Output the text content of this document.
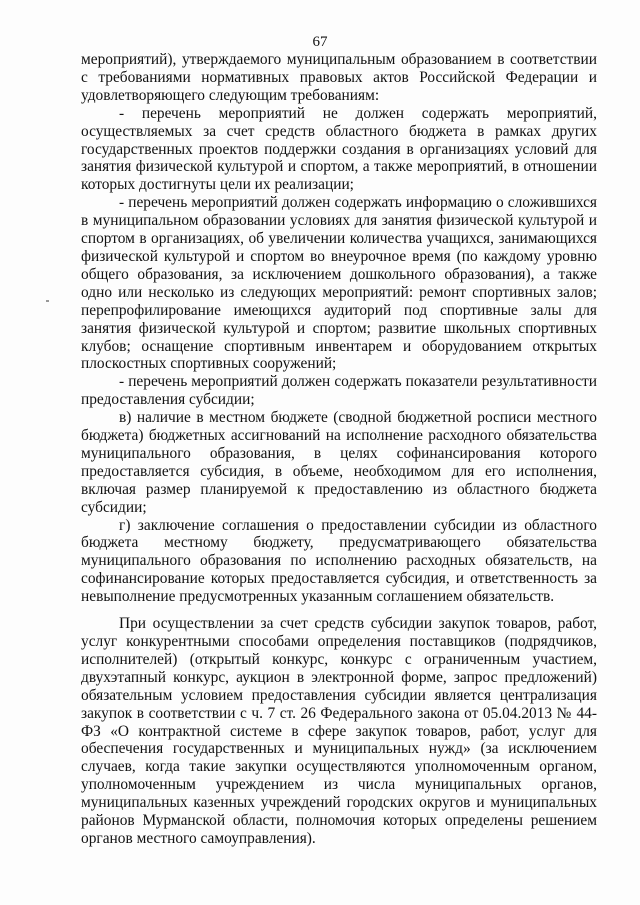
67

мероприятий), утверждаемого муниципальным образованием в соответствии с требованиями нормативных правовых актов Российской Федерации и удовлетворяющего следующим требованиям:

- перечень мероприятий не должен содержать мероприятий, осуществляемых за счет средств областного бюджета в рамках других государственных проектов поддержки создания в организациях условий для занятия физической культурой и спортом, а также мероприятий, в отношении которых достигнуты цели их реализации;

- перечень мероприятий должен содержать информацию о сложившихся в муниципальном образовании условиях для занятия физической культурой и спортом в организациях, об увеличении количества учащихся, занимающихся физической культурой и спортом во внеурочное время (по каждому уровню общего образования, за исключением дошкольного образования), а также одно или несколько из следующих мероприятий: ремонт спортивных залов; перепрофилирование имеющихся аудиторий под спортивные залы для занятия физической культурой и спортом; развитие школьных спортивных клубов; оснащение спортивным инвентарем и оборудованием открытых плоскостных спортивных сооружений;

- перечень мероприятий должен содержать показатели результативности предоставления субсидии;

в) наличие в местном бюджете (сводной бюджетной росписи местного бюджета) бюджетных ассигнований на исполнение расходного обязательства муниципального образования, в целях софинансирования которого предоставляется субсидия, в объеме, необходимом для его исполнения, включая размер планируемой к предоставлению из областного бюджета субсидии;

г) заключение соглашения о предоставлении субсидии из областного бюджета местному бюджету, предусматривающего обязательства муниципального образования по исполнению расходных обязательств, на софинансирование которых предоставляется субсидия, и ответственность за невыполнение предусмотренных указанным соглашением обязательств.

При осуществлении за счет средств субсидии закупок товаров, работ, услуг конкурентными способами определения поставщиков (подрядчиков, исполнителей) (открытый конкурс, конкурс с ограниченным участием, двухэтапный конкурс, аукцион в электронной форме, запрос предложений) обязательным условием предоставления субсидии является централизация закупок в соответствии с ч. 7 ст. 26 Федерального закона от 05.04.2013 № 44-ФЗ «О контрактной системе в сфере закупок товаров, работ, услуг для обеспечения государственных и муниципальных нужд» (за исключением случаев, когда такие закупки осуществляются уполномоченным органом, уполномоченным учреждением из числа муниципальных органов, муниципальных казенных учреждений городских округов и муниципальных районов Мурманской области, полномочия которых определены решением органов местного самоуправления).
